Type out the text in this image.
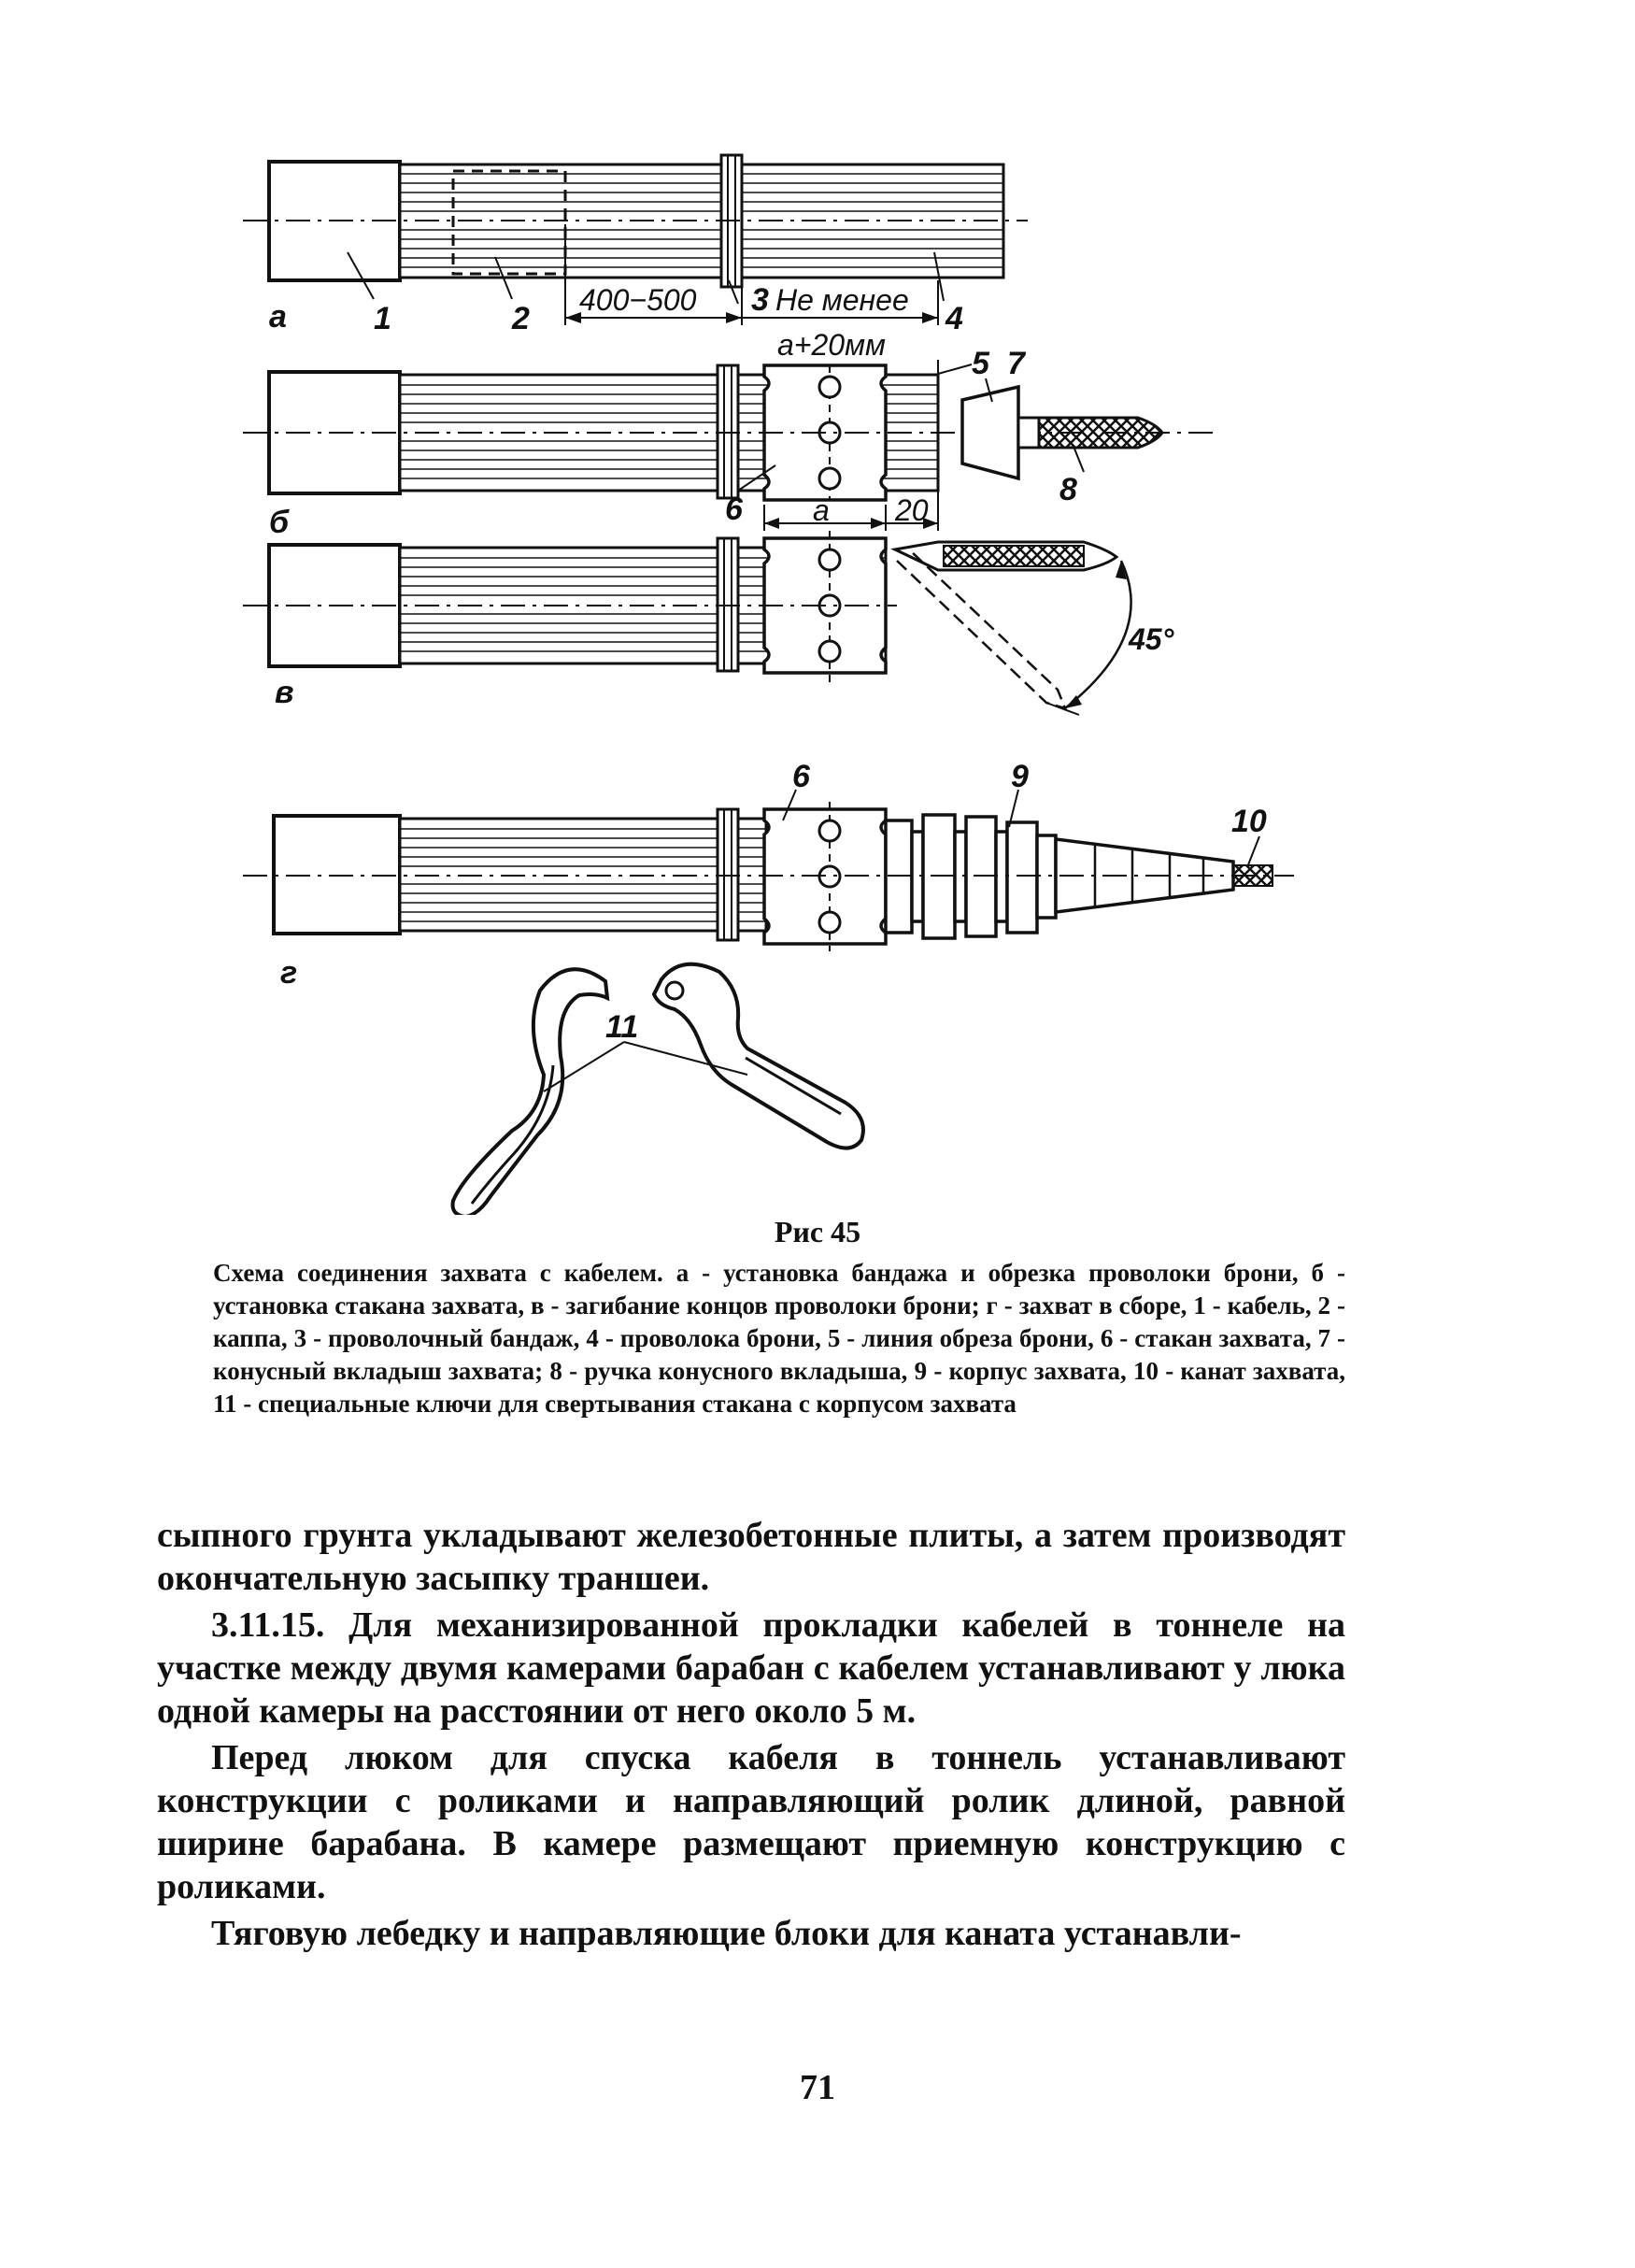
а	1	2
400−500 3 Не менее
4
а+20мм
б
5 7
6 а 20
8
в
45°
6	9
10
г
11
Рис 45
Схема соединения захвата с кабелем. а - установка бандажа и обрезка проволоки брони, б - установка стакана захвата, в - загибание концов проволоки брони; г - захват в сборе, 1 - кабель, 2 - каппа, 3 - проволочный бандаж, 4 - проволока брони, 5 - линия обреза брони, 6 - стакан захвата, 7 - конусный вкладыш захвата; 8 - ручка конусного вкладыша, 9 - корпус захвата, 10 - канат захвата, 11 - специальные ключи для свертывания стакана с корпусом захвата

сыпного грунта укладывают железобетонные плиты, а затем производят окончательную засыпку траншеи.

3.11.15. Для механизированной прокладки кабелей в тоннеле на участке между двумя камерами барабан с кабелем устанавливают у люка одной камеры на расстоянии от него около 5 м.

Перед люком для спуска кабеля в тоннель устанавливают конструкции с роликами и направляющий ролик длиной, равной ширине барабана. В камере размещают приемную конструкцию с роликами.

Тяговую лебедку и направляющие блоки для каната устанавли-

71
